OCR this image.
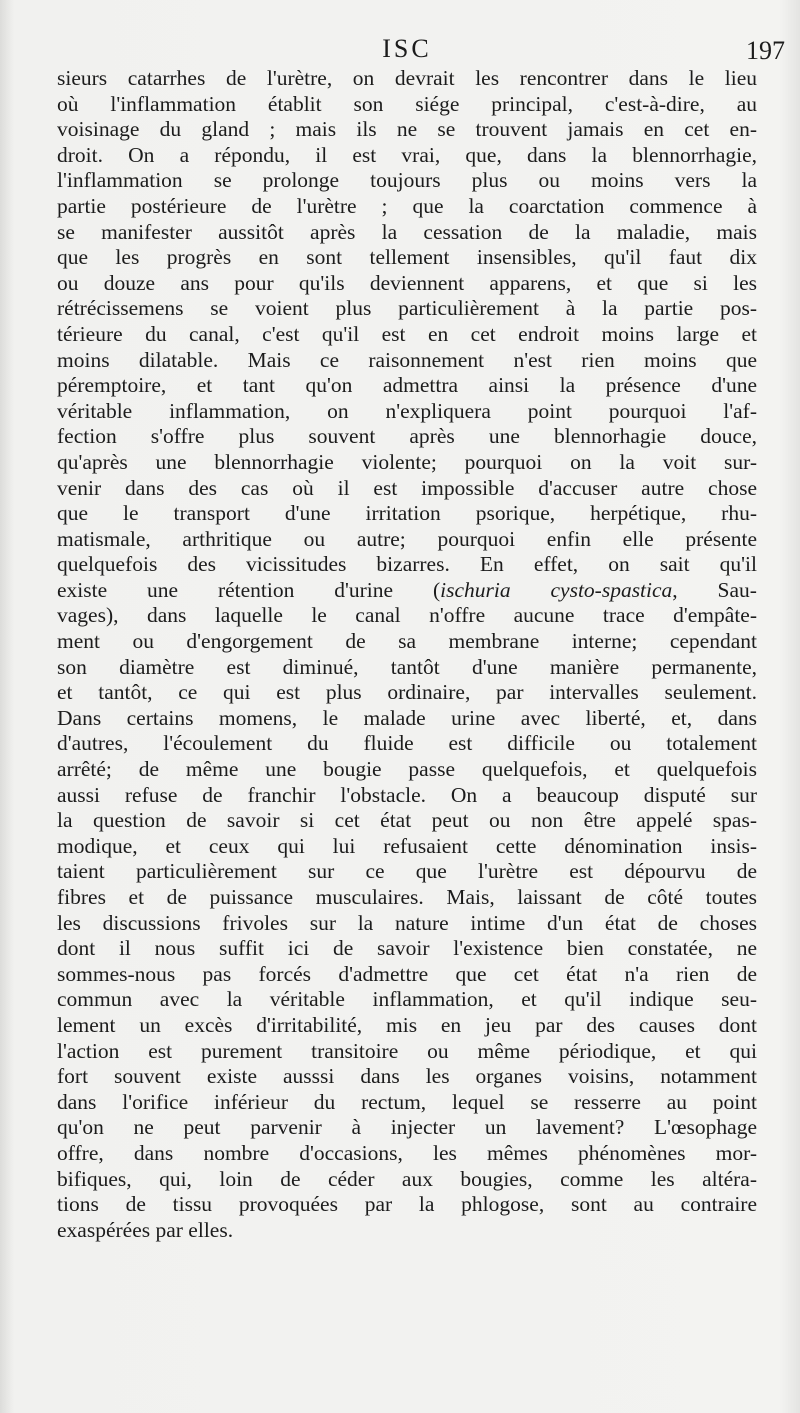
ISC	197
sieurs catarrhes de l'urètre, on devrait les rencontrer dans le lieu
où l'inflammation établit son siége principal, c'est-à-dire, au
voisinage du gland ; mais ils ne se trouvent jamais en cet en-
droit. On a répondu, il est vrai, que, dans la blennorrhagie,
l'inflammation se prolonge toujours plus ou moins vers la
partie postérieure de l'urètre ; que la coarctation commence à
se manifester aussitôt après la cessation de la maladie, mais
que les progrès en sont tellement insensibles, qu'il faut dix
ou douze ans pour qu'ils deviennent apparens, et que si les
rétrécissemens se voient plus particulièrement à la partie pos-
térieure du canal, c'est qu'il est en cet endroit moins large et
moins dilatable. Mais ce raisonnement n'est rien moins que
péremptoire, et tant qu'on admettra ainsi la présence d'une
véritable inflammation, on n'expliquera point pourquoi l'af-
fection s'offre plus souvent après une blennorhagie douce,
qu'après une blennorrhagie violente; pourquoi on la voit sur-
venir dans des cas où il est impossible d'accuser autre chose
que le transport d'une irritation psorique, herpétique, rhu-
matismale, arthritique ou autre; pourquoi enfin elle présente
quelquefois des vicissitudes bizarres. En effet, on sait qu'il
existe une rétention d'urine (ischuria cysto-spastica, Sau-
vages), dans laquelle le canal n'offre aucune trace d'empâte-
ment ou d'engorgement de sa membrane interne; cependant
son diamètre est diminué, tantôt d'une manière permanente,
et tantôt, ce qui est plus ordinaire, par intervalles seulement.
Dans certains momens, le malade urine avec liberté, et, dans
d'autres, l'écoulement du fluide est difficile ou totalement
arrêté; de même une bougie passe quelquefois, et quelquefois
aussi refuse de franchir l'obstacle. On a beaucoup disputé sur
la question de savoir si cet état peut ou non être appelé spas-
modique, et ceux qui lui refusaient cette dénomination insis-
taient particulièrement sur ce que l'urètre est dépourvu de
fibres et de puissance musculaires. Mais, laissant de côté toutes
les discussions frivoles sur la nature intime d'un état de choses
dont il nous suffit ici de savoir l'existence bien constatée, ne
sommes-nous pas forcés d'admettre que cet état n'a rien de
commun avec la véritable inflammation, et qu'il indique seu-
lement un excès d'irritabilité, mis en jeu par des causes dont
l'action est purement transitoire ou même périodique, et qui
fort souvent existe ausssi dans les organes voisins, notamment
dans l'orifice inférieur du rectum, lequel se resserre au point
qu'on ne peut parvenir à injecter un lavement? L'œsophage
offre, dans nombre d'occasions, les mêmes phénomènes mor-
bifiques, qui, loin de céder aux bougies, comme les altéra-
tions de tissu provoquées par la phlogose, sont au contraire
exaspérées par elles.
